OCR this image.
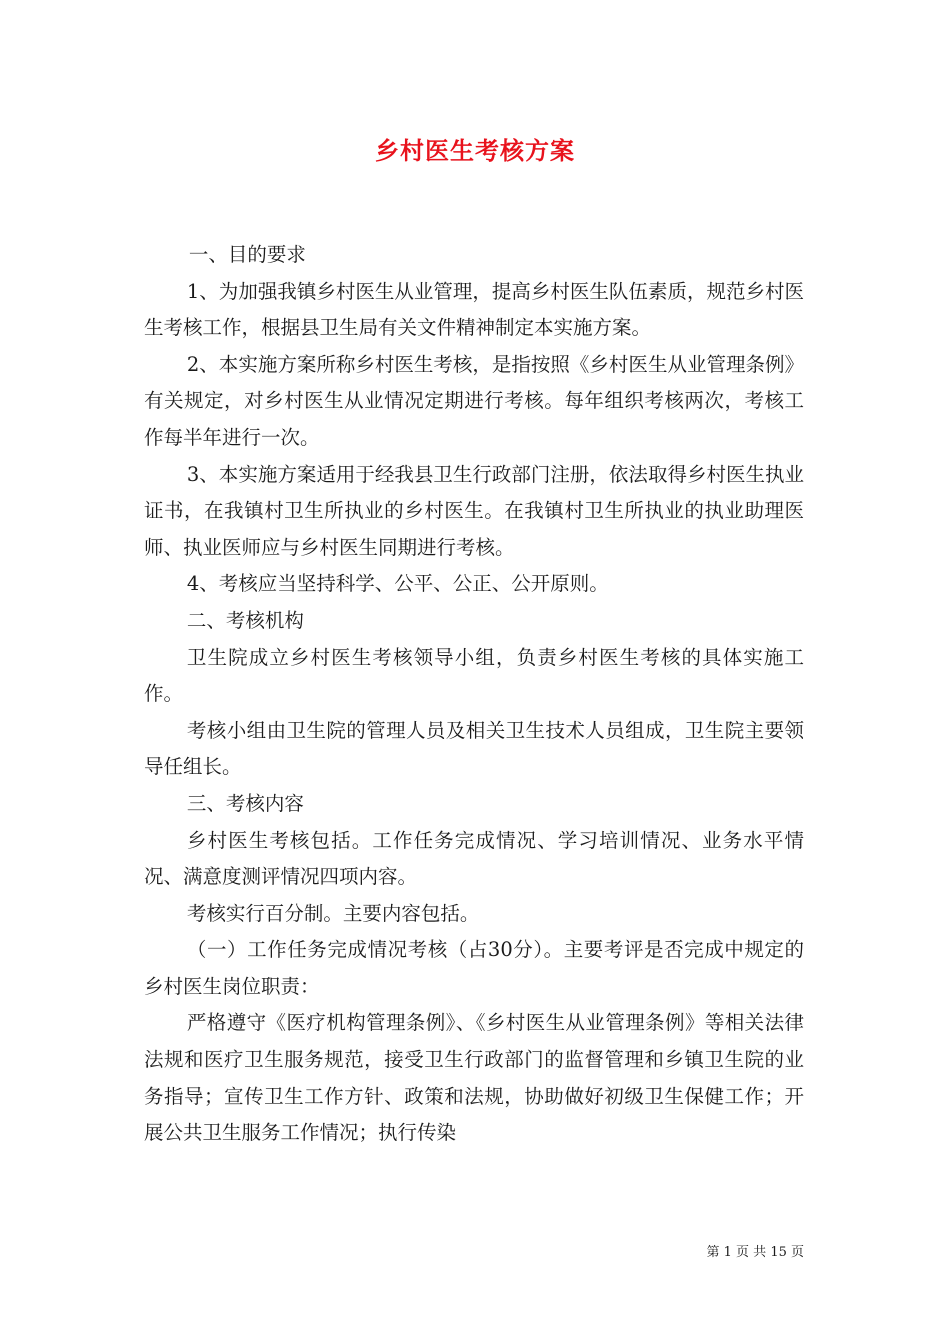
乡村医生考核方案

一、目的要求

1、为加强我镇乡村医生从业管理，提高乡村医生队伍素质，规范乡村医生考核工作，根据县卫生局有关文件精神制定本实施方案。

2、本实施方案所称乡村医生考核，是指按照《乡村医生从业管理条例》有关规定，对乡村医生从业情况定期进行考核。每年组织考核两次，考核工作每半年进行一次。

3、本实施方案适用于经我县卫生行政部门注册，依法取得乡村医生执业证书，在我镇村卫生所执业的乡村医生。在我镇村卫生所执业的执业助理医师、执业医师应与乡村医生同期进行考核。

4、考核应当坚持科学、公平、公正、公开原则。

二、考核机构

卫生院成立乡村医生考核领导小组，负责乡村医生考核的具体实施工作。

考核小组由卫生院的管理人员及相关卫生技术人员组成，卫生院主要领导任组长。

三、考核内容

乡村医生考核包括。工作任务完成情况、学习培训情况、业务水平情况、满意度测评情况四项内容。

考核实行百分制。主要内容包括。

（一）工作任务完成情况考核（占30分）。主要考评是否完成中规定的乡村医生岗位职责：

严格遵守《医疗机构管理条例》、《乡村医生从业管理条例》等相关法律法规和医疗卫生服务规范，接受卫生行政部门的监督管理和乡镇卫生院的业务指导；宣传卫生工作方针、政策和法规，协助做好初级卫生保健工作；开展公共卫生服务工作情况；执行传染

第 1 页 共 15 页
